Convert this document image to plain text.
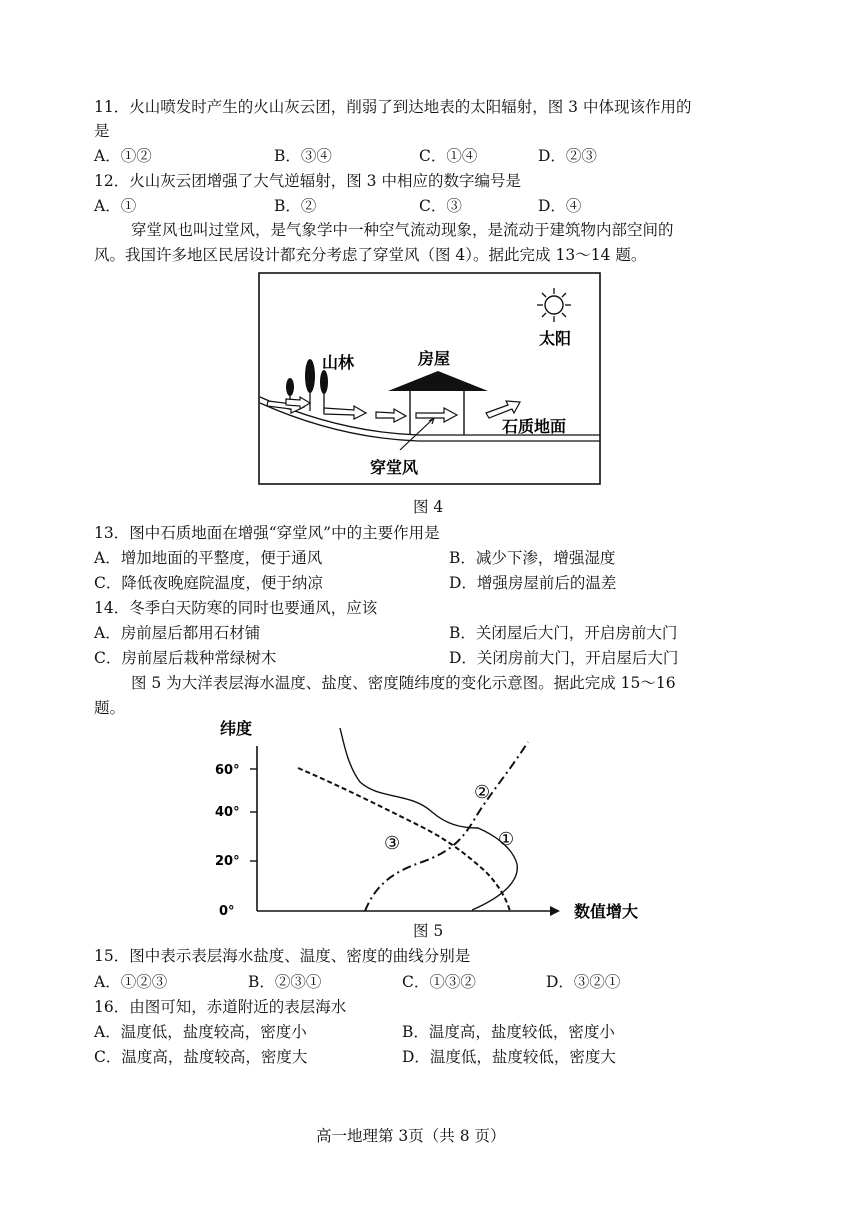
11．火山喷发时产生的火山灰云团，削弱了到达地表的太阳辐射，图 3 中体现该作用的
是
A．①②	B．③④	C．①④	D．②③
12．火山灰云团增强了大气逆辐射，图 3 中相应的数字编号是
A．①	B．②	C．③	D．④
穿堂风也叫过堂风，是气象学中一种空气流动现象，是流动于建筑物内部空间的
风。我国许多地区民居设计都充分考虑了穿堂风（图 4）。据此完成 13～14 题。
山林	房屋
太阳
石质地面
穿堂风
图 4
13．图中石质地面在增强“穿堂风”中的主要作用是
A．增加地面的平整度，便于通风	B．减少下渗，增强湿度
C．降低夜晚庭院温度，便于纳凉	D．增强房屋前后的温差
14．冬季白天防寒的同时也要通风，应该
A．房前屋后都用石材铺	B．关闭屋后大门，开启房前大门
C．房前屋后栽种常绿树木	D．关闭房前大门，开启屋后大门
图 5 为大洋表层海水温度、盐度、密度随纬度的变化示意图。据此完成 15～16
题。
0°
20°
40°
60°
纬度
数值增大
①
②
③
图 5
15．图中表示表层海水盐度、温度、密度的曲线分别是
A．①②③	B．②③①	C．①③②	D．③②①
16．由图可知，赤道附近的表层海水
A．温度低，盐度较高，密度小	B．温度高，盐度较低，密度小
C．温度高，盐度较高，密度大	D．温度低，盐度较低，密度大
高一地理第 3页（共 8 页）
